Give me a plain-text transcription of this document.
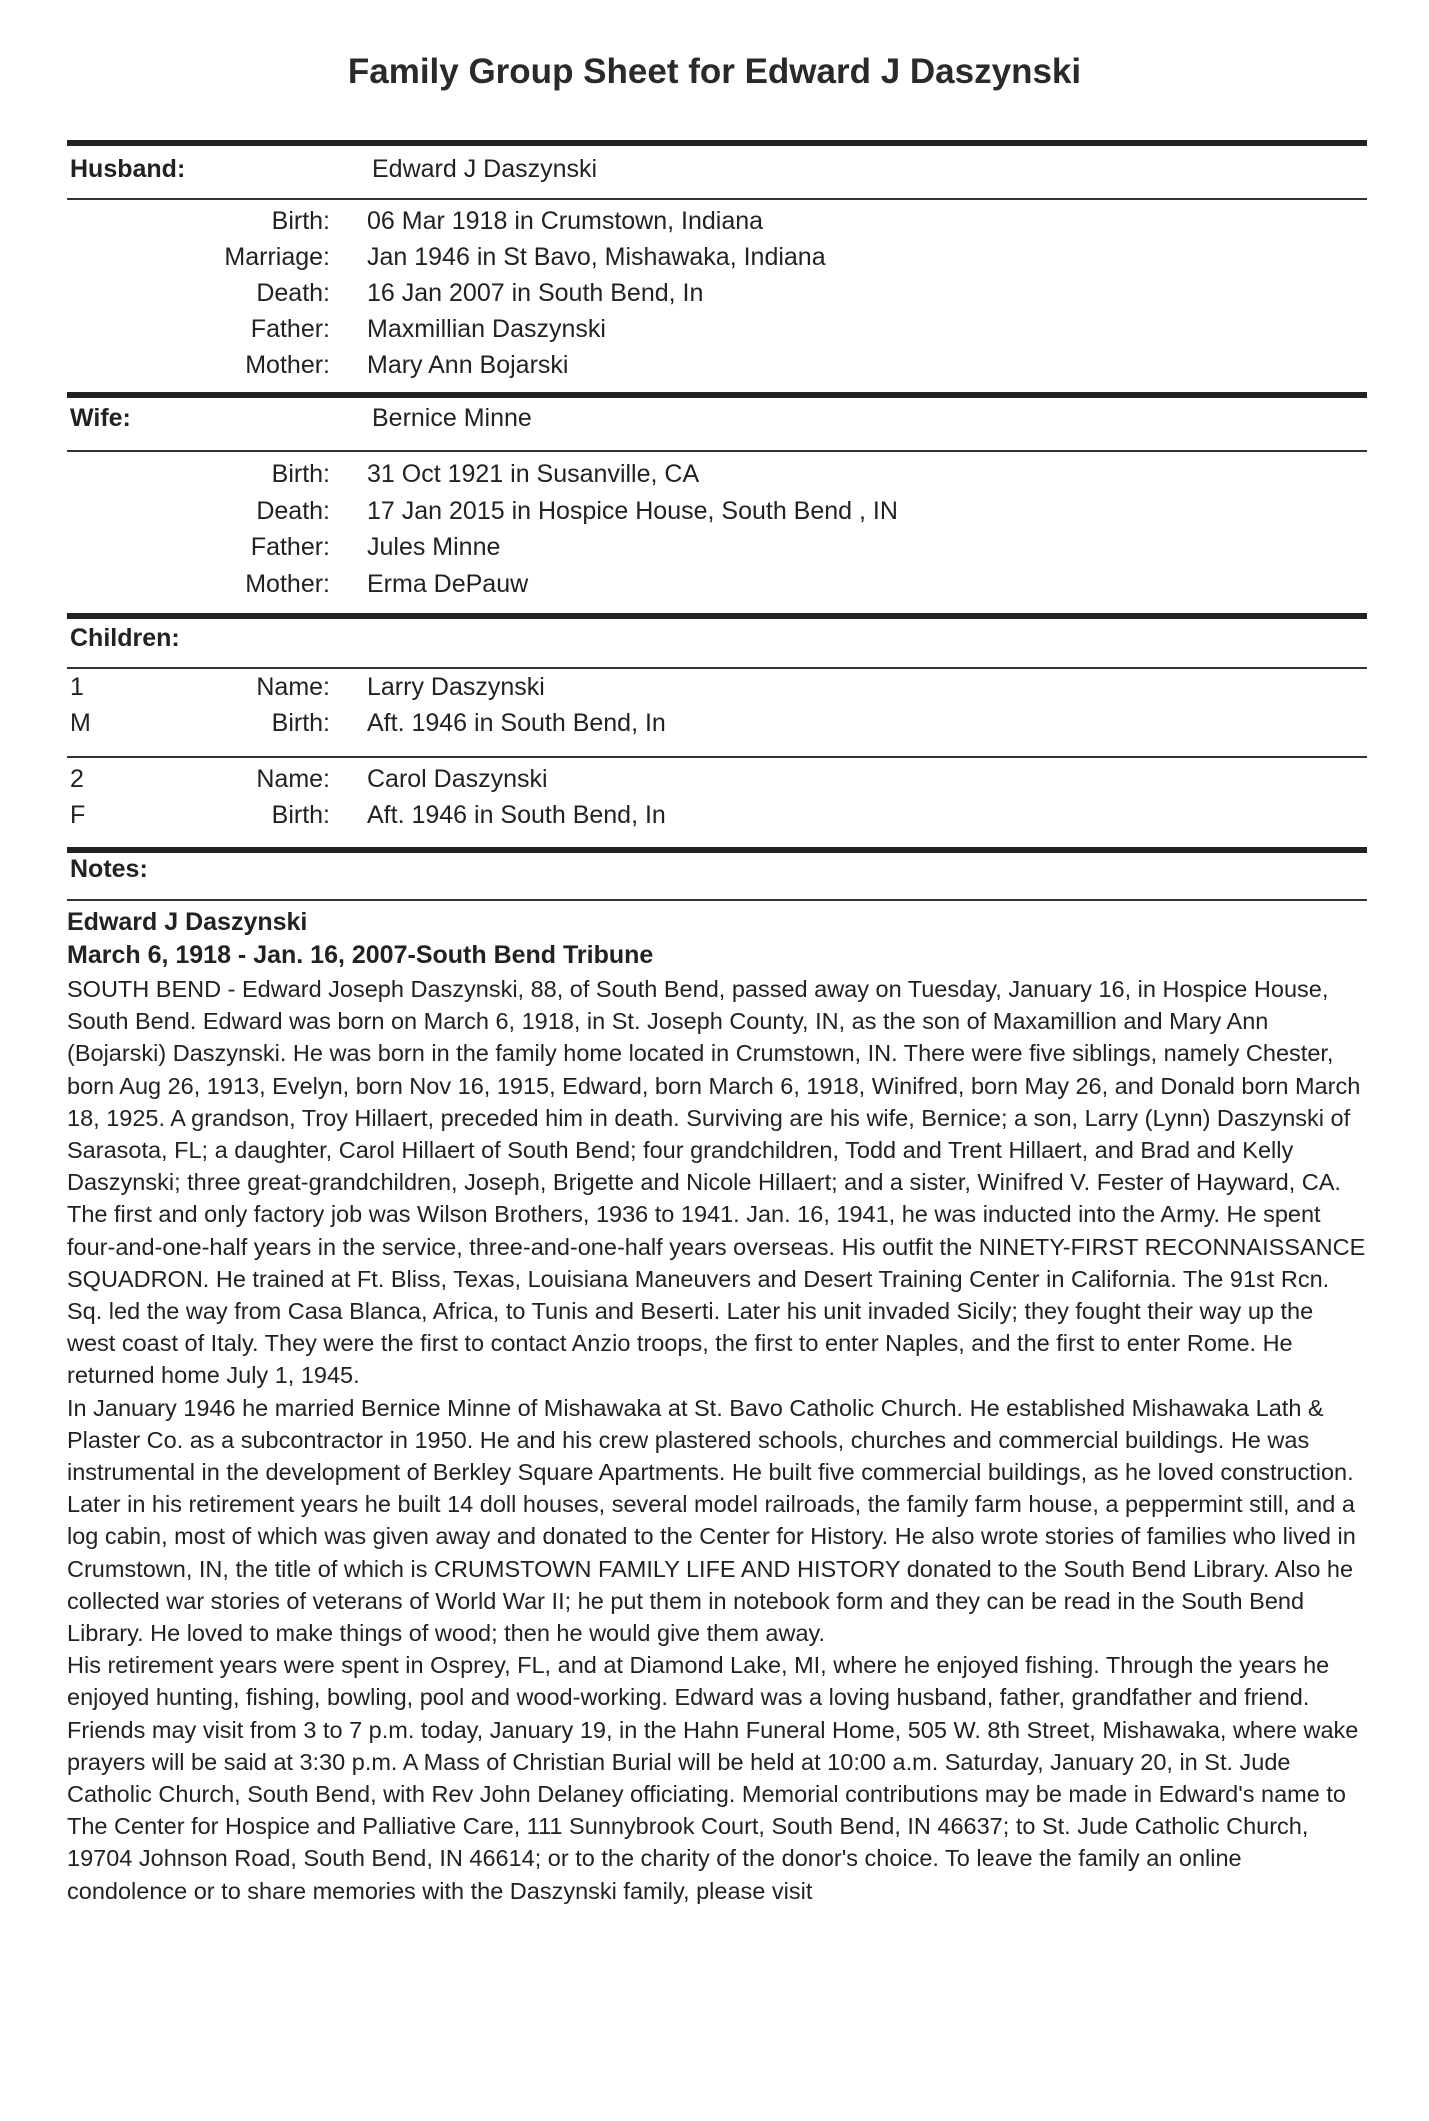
Family Group Sheet for Edward J Daszynski
Husband:	Edward J Daszynski
Birth: 06 Mar 1918 in Crumstown, Indiana
Marriage: Jan 1946 in St Bavo, Mishawaka, Indiana
Death: 16 Jan 2007 in South Bend, In
Father: Maxmillian Daszynski
Mother: Mary Ann Bojarski
Wife:	Bernice Minne
Birth: 31 Oct 1921 in Susanville, CA
Death: 17 Jan 2015 in Hospice House, South Bend , IN
Father: Jules Minne
Mother: Erma DePauw
Children:
1
M
Name: Larry Daszynski
Birth: Aft. 1946 in South Bend, In
2
F
Name: Carol Daszynski
Birth: Aft. 1946 in South Bend, In
Notes:
Edward J Daszynski
March 6, 1918 - Jan. 16, 2007-South Bend Tribune

SOUTH BEND - Edward Joseph Daszynski, 88, of South Bend, passed away on Tuesday, January 16, in Hospice House, South Bend. Edward was born on March 6, 1918, in St. Joseph County, IN, as the son of Maxamillion and Mary Ann (Bojarski) Daszynski. He was born in the family home located in Crumstown, IN. There were five siblings, namely Chester, born Aug 26, 1913, Evelyn, born Nov 16, 1915, Edward, born March 6, 1918, Winifred, born May 26, and Donald born March 18, 1925. A grandson, Troy Hillaert, preceded him in death. Surviving are his wife, Bernice; a son, Larry (Lynn) Daszynski of Sarasota, FL; a daughter, Carol Hillaert of South Bend; four grandchildren, Todd and Trent Hillaert, and Brad and Kelly Daszynski; three great-grandchildren, Joseph, Brigette and Nicole Hillaert; and a sister, Winifred V. Fester of Hayward, CA. The first and only factory job was Wilson Brothers, 1936 to 1941. Jan. 16, 1941, he was inducted into the Army. He spent four-and-one-half years in the service, three-and-one-half years overseas. His outfit the NINETY-FIRST RECONNAISSANCE SQUADRON. He trained at Ft. Bliss, Texas, Louisiana Maneuvers and Desert Training Center in California. The 91st Rcn. Sq. led the way from Casa Blanca, Africa, to Tunis and Beserti. Later his unit invaded Sicily; they fought their way up the west coast of Italy. They were the first to contact Anzio troops, the first to enter Naples, and the first to enter Rome. He returned home July 1, 1945.

In January 1946 he married Bernice Minne of Mishawaka at St. Bavo Catholic Church. He established Mishawaka Lath & Plaster Co. as a subcontractor in 1950. He and his crew plastered schools, churches and commercial buildings. He was instrumental in the development of Berkley Square Apartments. He built five commercial buildings, as he loved construction. Later in his retirement years he built 14 doll houses, several model railroads, the family farm house, a peppermint still, and a log cabin, most of which was given away and donated to the Center for History. He also wrote stories of families who lived in Crumstown, IN, the title of which is CRUMSTOWN FAMILY LIFE AND HISTORY donated to the South Bend Library. Also he collected war stories of veterans of World War II; he put them in notebook form and they can be read in the South Bend Library. He loved to make things of wood; then he would give them away.

His retirement years were spent in Osprey, FL, and at Diamond Lake, MI, where he enjoyed fishing. Through the years he enjoyed hunting, fishing, bowling, pool and wood-working. Edward was a loving husband, father, grandfather and friend. Friends may visit from 3 to 7 p.m. today, January 19, in the Hahn Funeral Home, 505 W. 8th Street, Mishawaka, where wake prayers will be said at 3:30 p.m. A Mass of Christian Burial will be held at 10:00 a.m. Saturday, January 20, in St. Jude Catholic Church, South Bend, with Rev John Delaney officiating. Memorial contributions may be made in Edward's name to The Center for Hospice and Palliative Care, 111 Sunnybrook Court, South Bend, IN 46637; to St. Jude Catholic Church, 19704 Johnson Road, South Bend, IN 46614; or to the charity of the donor's choice. To leave the family an online condolence or to share memories with the Daszynski family, please visit
